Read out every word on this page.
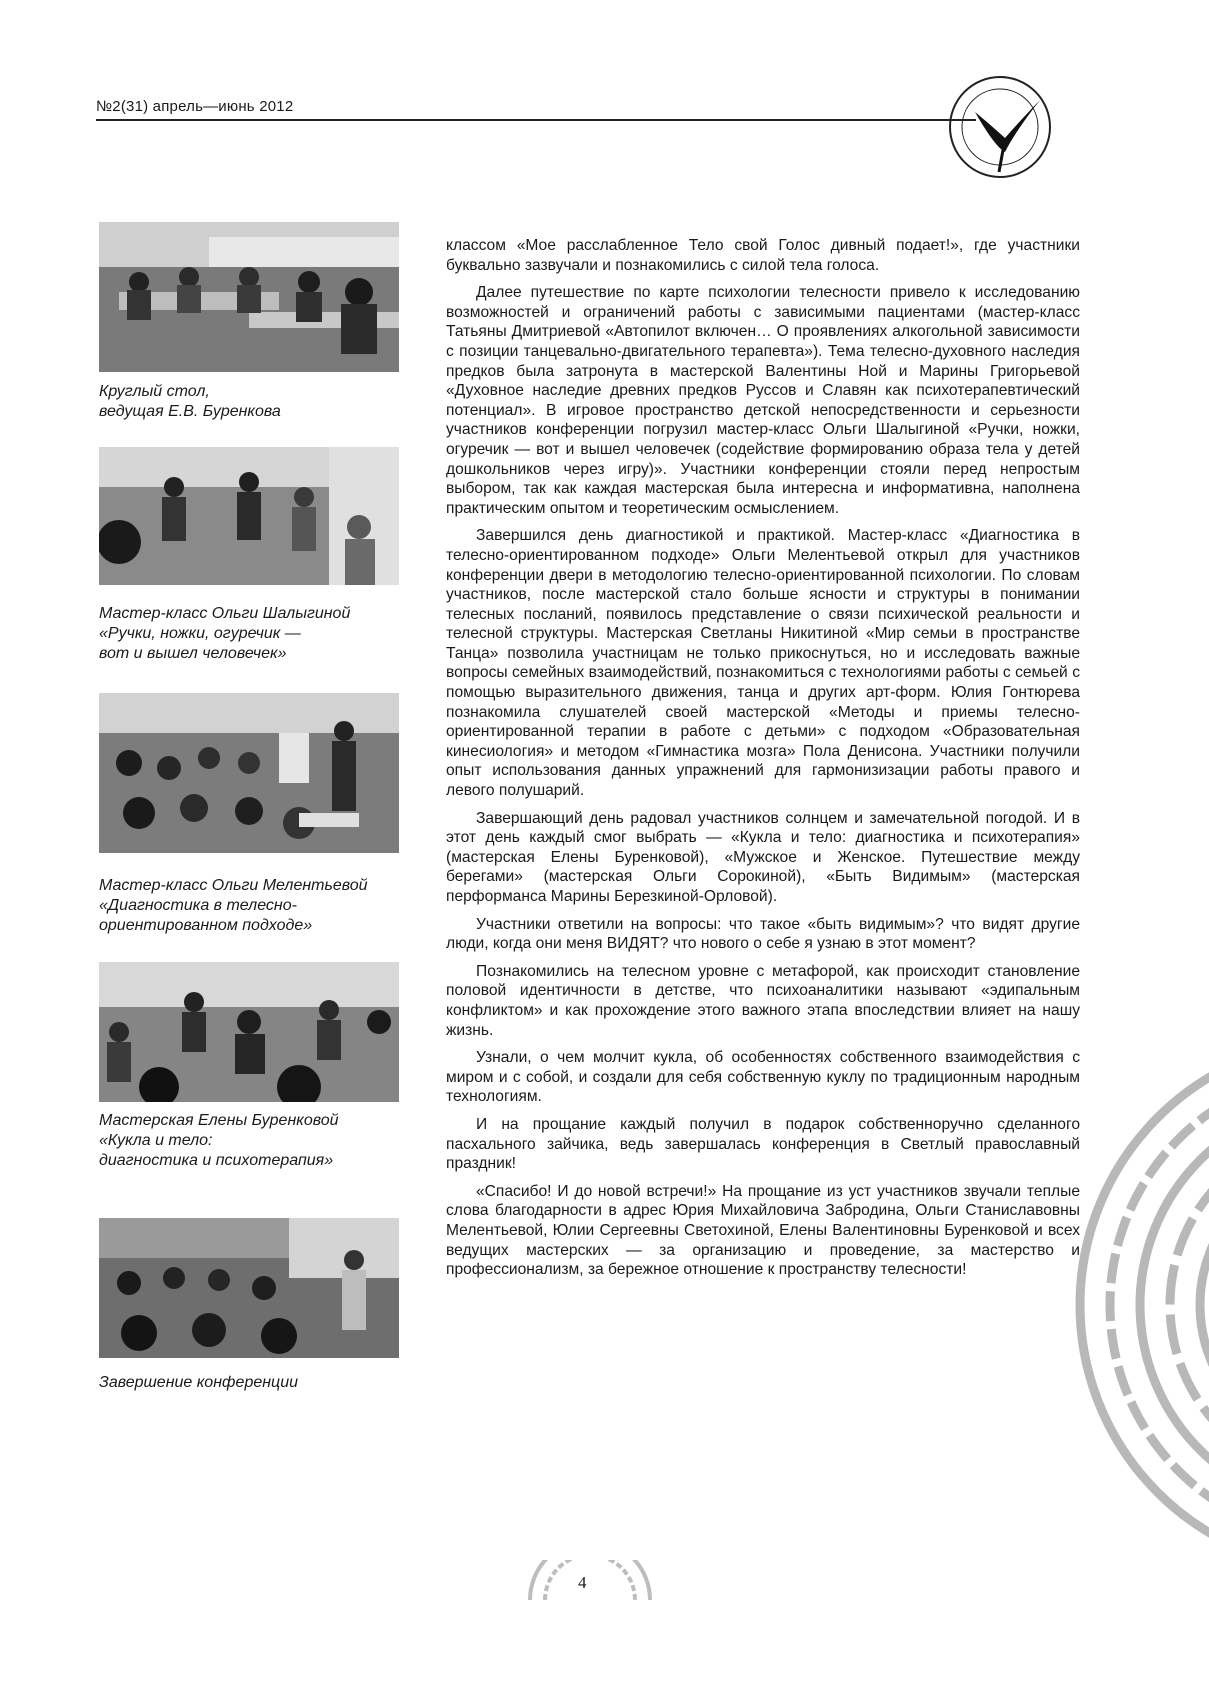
№2(31) апрель—июнь 2012
Круглый стол,
ведущая Е.В. Буренкова
Мастер-класс Ольги Шалыгиной
«Ручки, ножки, огуречик —
вот и вышел человечек»
Мастер-класс Ольги Мелентьевой
«Диагностика в телесно-
ориентированном подходе»
Мастерская Елены Буренковой
«Кукла и тело:
диагностика и психотерапия»
Завершение конференции

классом «Мое расслабленное Тело свой Голос дивный подает!», где участники буквально зазвучали и познакомились с силой тела голоса.

Далее путешествие по карте психологии телесности привело к исследованию возможностей и ограничений работы с зависимыми пациентами (мастер-класс Татьяны Дмитриевой «Автопилот включен… О проявлениях алкогольной зависимости с позиции танцевально-двигательного терапевта»). Тема телесно-духовного наследия предков была затронута в мастерской Валентины Ной и Марины Григорьевой «Духовное наследие древних предков Руссов и Славян как психотерапевтический потенциал». В игровое пространство детской непосредственности и серьезности участников конференции погрузил мастер-класс Ольги Шалыгиной «Ручки, ножки, огуречик — вот и вышел человечек (содействие формированию образа тела у детей дошкольников через игру)». Участники конференции стояли перед непростым выбором, так как каждая мастерская была интересна и информативна, наполнена практическим опытом и теоретическим осмыслением.

Завершился день диагностикой и практикой. Мастер-класс «Диагностика в телесно-ориентированном подходе» Ольги Мелентьевой открыл для участников конференции двери в методологию телесно-ориентированной психологии. По словам участников, после мастерской стало больше ясности и структуры в понимании телесных посланий, появилось представление о связи психической реальности и телесной структуры. Мастерская Светланы Никитиной «Мир семьи в пространстве Танца» позволила участницам не только прикоснуться, но и исследовать важные вопросы семейных взаимодействий, познакомиться с технологиями работы с семьей с помощью выразительного движения, танца и других арт-форм. Юлия Гонтюрева познакомила слушателей своей мастерской «Методы и приемы телесно-ориентированной терапии в работе с детьми» с подходом «Образовательная кинесиология» и методом «Гимнастика мозга» Пола Денисона. Участники получили опыт использования данных упражнений для гармонизизации работы правого и левого полушарий.

Завершающий день радовал участников солнцем и замечательной погодой. И в этот день каждый смог выбрать — «Кукла и тело: диагностика и психотерапия» (мастерская Елены Буренковой), «Мужское и Женское. Путешествие между берегами» (мастерская Ольги Сорокиной), «Быть Видимым» (мастерская перформанса Марины Березкиной-Орловой).

Участники ответили на вопросы: что такое «быть видимым»? что видят другие люди, когда они меня ВИДЯТ? что нового о себе я узнаю в этот момент?

Познакомились на телесном уровне с метафорой, как происходит становление половой идентичности в детстве, что психоаналитики называют «эдипальным конфликтом» и как прохождение этого важного этапа впоследствии влияет на нашу жизнь.

Узнали, о чем молчит кукла, об особенностях собственного взаимодействия с миром и с собой, и создали для себя собственную куклу по традиционным народным технологиям.

И на прощание каждый получил в подарок собственноручно сделанного пасхального зайчика, ведь завершалась конференция в Светлый православный праздник!

«Спасибо! И до новой встречи!» На прощание из уст участников звучали теплые слова благодарности в адрес Юрия Михайловича Забродина, Ольги Станиславовны Мелентьевой, Юлии Сергеевны Светохиной, Елены Валентиновны Буренковой и всех ведущих мастерских — за организацию и проведение, за мастерство и профессионализм, за бережное отношение к пространству телесности!

4
